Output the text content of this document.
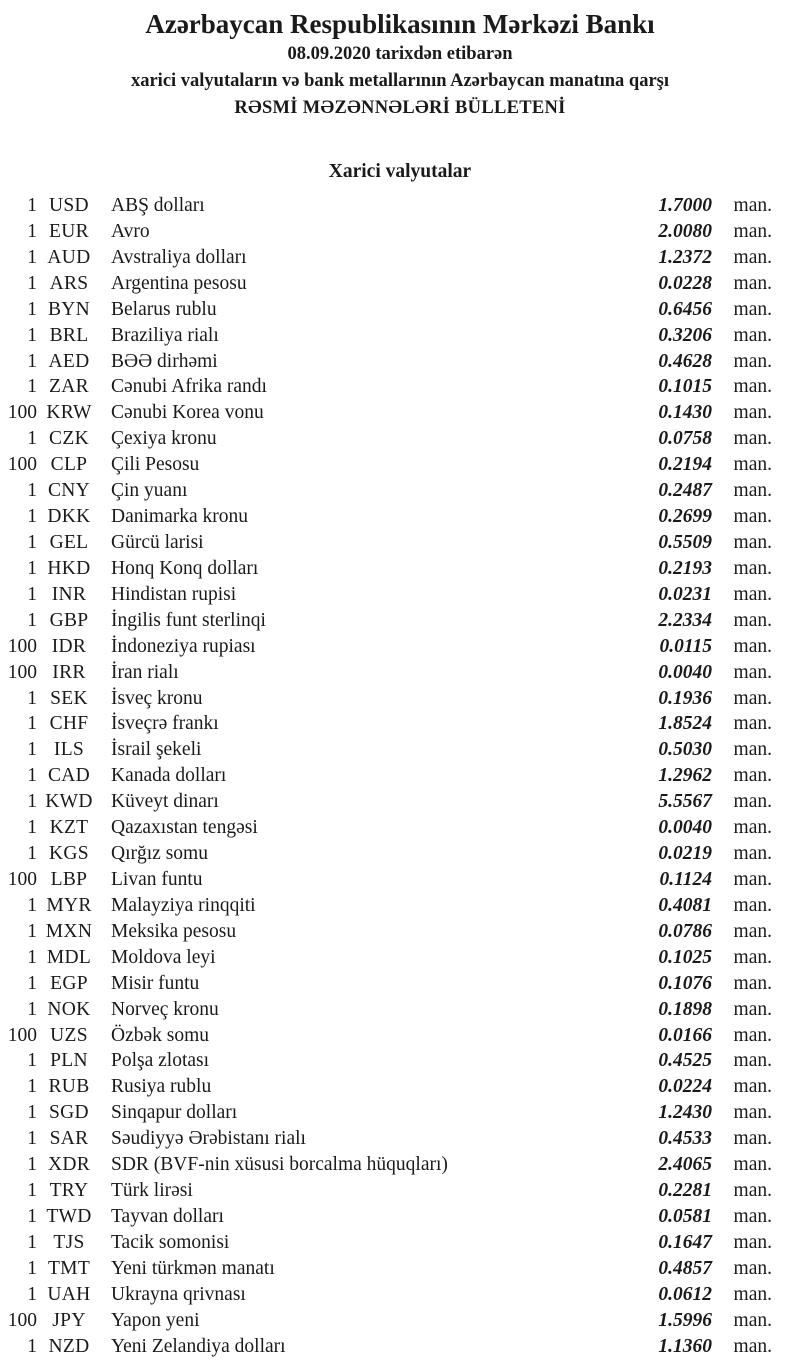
Azərbaycan Respublikasının Mərkəzi Bankı
08.09.2020 tarixdən etibarən
xarici valyutaların və bank metallarının Azərbaycan manatına qarşı
RƏSMİ MƏZƏNNƏLƏRİ BÜLLETENİ
Xarici valyutalar
1 USD	ABŞ dolları	1.7000	man.
1 EUR	Avro	2.0080	man.
1 AUD	Avstraliya dolları	1.2372	man.
1 ARS	Argentina pesosu	0.0228	man.
1 BYN	Belarus rublu	0.6456	man.
1 BRL	Braziliya rialı	0.3206	man.
1 AED	BƏƏ dirhəmi	0.4628	man.
1 ZAR	Cənubi Afrika randı	0.1015	man.
100 KRW Cənubi Korea vonu	0.1430	man.
1 CZK	Çexiya kronu	0.0758	man.
100 CLP	Çili Pesosu	0.2194	man.
1 CNY	Çin yuanı	0.2487	man.
1 DKK	Danimarka kronu	0.2699	man.
1 GEL	Gürcü larisi	0.5509	man.
1 HKD	Honq Konq dolları	0.2193	man.
1 INR	Hindistan rupisi	0.0231	man.
1 GBP	İngilis funt sterlinqi	2.2334	man.
100 IDR	İndoneziya rupiası	0.0115	man.
100 IRR	İran rialı	0.0040	man.
1 SEK	İsveç kronu	0.1936	man.
1 CHF	İsveçrə frankı	1.8524	man.
1 ILS	İsrail şekeli	0.5030	man.
1 CAD	Kanada dolları	1.2962	man.
1 KWD Küveyt dinarı	5.5567	man.
1 KZT	Qazaxıstan tengəsi	0.0040	man.
1 KGS	Qırğız somu	0.0219	man.
100 LBP	Livan funtu	0.1124	man.
1 MYR Malayziya rinqqiti	0.4081	man.
1 MXN Meksika pesosu	0.0786	man.
1 MDL	Moldova leyi	0.1025	man.
1 EGP	Misir funtu	0.1076	man.
1 NOK	Norveç kronu	0.1898	man.
100 UZS	Özbək somu	0.0166	man.
1 PLN	Polşa zlotası	0.4525	man.
1 RUB	Rusiya rublu	0.0224	man.
1 SGD	Sinqapur dolları	1.2430	man.
1 SAR	Səudiyyə Ərəbistanı rialı	0.4533	man.
1 XDR	SDR (BVF-nin xüsusi borcalma hüquqları)	2.4065	man.
1 TRY	Türk lirəsi	0.2281	man.
1 TWD Tayvan dolları	0.0581	man.
1 TJS	Tacik somonisi	0.1647	man.
1 TMT	Yeni türkmən manatı	0.4857	man.
1 UAH	Ukrayna qrivnası	0.0612	man.
100 JPY	Yapon yeni	1.5996	man.
1 NZD	Yeni Zelandiya dolları	1.1360	man.
